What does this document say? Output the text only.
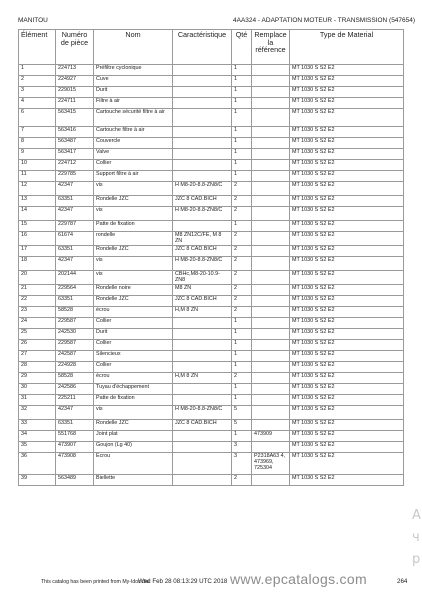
MANITOU	4AA324 - ADAPTATION MOTEUR - TRANSMISSION (547654)
Élément	Numéro de pièce	Nom	Caractéristique	Qté	Remplace la référence	Type de Material
1	224713	Préfiltre cyclonique		1		MT 1030 S S2 E2
2	224927	Cuve		1		MT 1030 S S2 E2
3	229015	Durit		1		MT 1030 S S2 E2
4	224711	Filtre à air		1		MT 1030 S S2 E2
6	563415	Cartouche sécurité filtre à air		1		MT 1030 S S2 E2
7	563416	Cartouche filtre à air		1		MT 1030 S S2 E2
8	563487	Couvercle		1		MT 1030 S S2 E2
9	563417	Valve		1		MT 1030 S S2 E2
10	224712	Collier		1		MT 1030 S S2 E2
11	229785	Support filtre à air		1		MT 1030 S S2 E2
12	42347	vis	H M8-20-8.8-ZN8/C	2		MT 1030 S S2 E2
13	63351	Rondelle JZC	JZC 8 CAD.BICH	2		MT 1030 S S2 E2
14	42347	vis	H M8-20-8.8-ZN8/C	2		MT 1030 S S2 E2
15	229787	Patte de fixation		1		MT 1030 S S2 E2
16	61674	rondelle	M8 ZN12C/FE, M 8 ZN	2		MT 1030 S S2 E2
17	63351	Rondelle JZC	JZC 8 CAD.BICH	2		MT 1030 S S2 E2
18	42347	vis	H M8-20-8.8-ZN8/C	2		MT 1030 S S2 E2
20	202144	vis	CBHc,M8-20-10.9-ZN8	2		MT 1030 S S2 E2
21	229564	Rondelle noire	M8 ZN	2		MT 1030 S S2 E2
22	63351	Rondelle JZC	JZC 8 CAD.BICH	2		MT 1030 S S2 E2
23	58528	écrou	H,M 8 ZN	2		MT 1030 S S2 E2
24	229587	Collier		1		MT 1030 S S2 E2
25	242530	Durit		1		MT 1030 S S2 E2
26	229587	Collier		1		MT 1030 S S2 E2
27	242587	Silencieux		1		MT 1030 S S2 E2
28	224928	Collier		1		MT 1030 S S2 E2
29	58528	écrou	H,M 8 ZN	2		MT 1030 S S2 E2
30	242586	Tuyau d'échappement		1		MT 1030 S S2 E2
31	225211	Patte de fixation		1		MT 1030 S S2 E2
32	42347	vis	H M8-20-8.8-ZN8/C	5		MT 1030 S S2 E2
33	63351	Rondelle JZC	JZC 8 CAD.BICH	5		MT 1030 S S2 E2
34	551768	Joint plat		1	473909	MT 1030 S S2 E2
35	473907	Goujon (Lg 40)		3		MT 1030 S S2 E2
36	473908	Ecrou		3	P2318A63 4, 473969, 725304	MT 1030 S S2 E2
39	563489	Biellette		2		MT 1030 S S2 E2
А
ч
р
This catalog has been printed from My-Idoc the
Wed Feb 28 08:13:29 UTC 2018 www.epcatalogs.com	264
